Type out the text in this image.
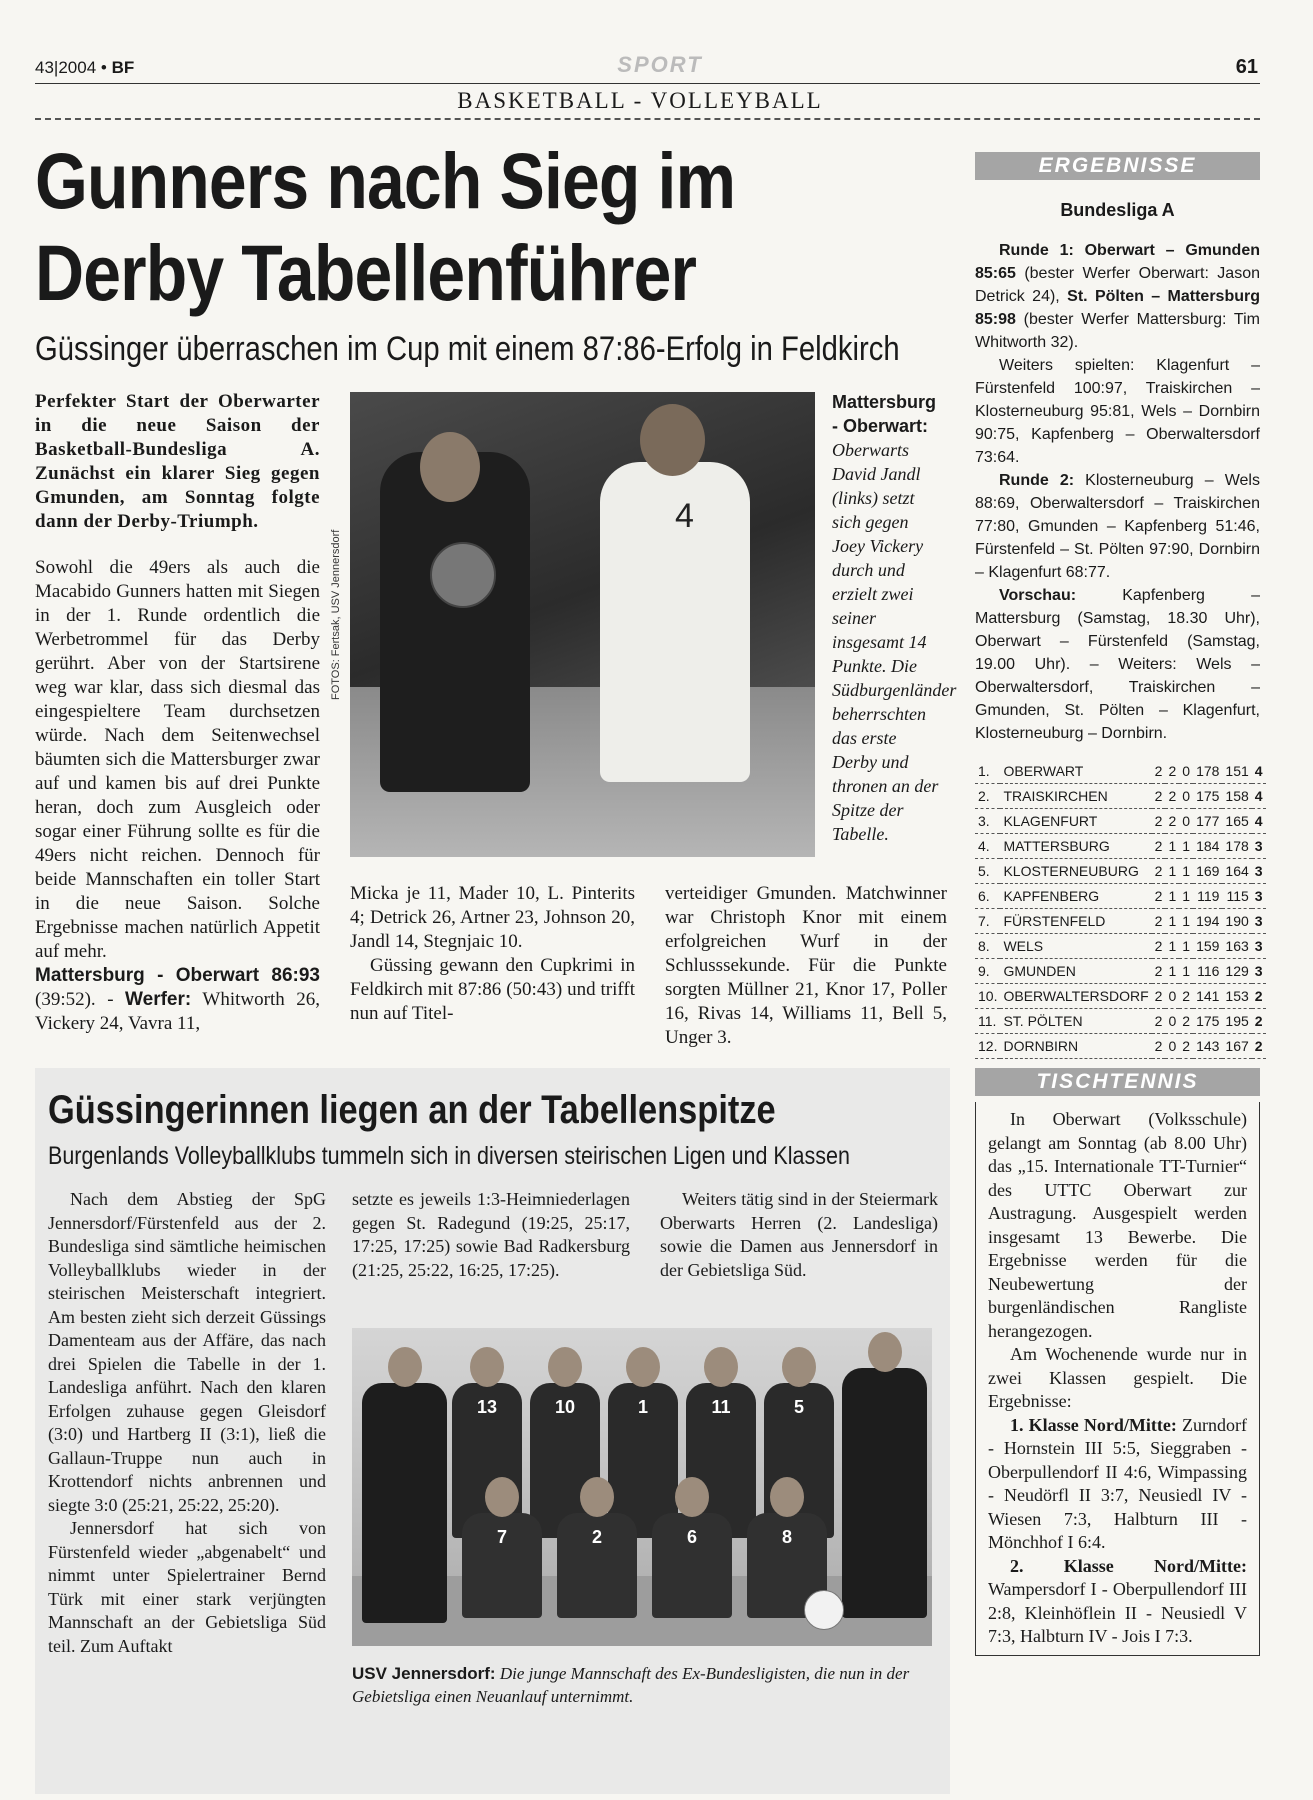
43|2004 • BF	SPORT	61
BASKETBALL - VOLLEYBALL
Gunners nach Sieg im
Derby Tabellenführer
Güssinger überraschen im Cup mit einem 87:86-Erfolg in Feldkirch
Perfekter Start der Oberwarter in die neue Saison der Basketball-Bundesliga A. Zunächst ein klarer Sieg gegen Gmunden, am Sonntag folgte dann der Derby-Triumph.
Sowohl die 49ers als auch die Macabido Gunners hatten mit Siegen in der 1. Runde ordentlich die Werbetrommel für das Derby gerührt. Aber von der Startsirene weg war klar, dass sich diesmal das eingespieltere Team durchsetzen würde. Nach dem Seitenwechsel bäumten sich die Mattersburger zwar auf und kamen bis auf drei Punkte heran, doch zum Ausgleich oder sogar einer Führung sollte es für die 49ers nicht reichen. Dennoch für beide Mannschaften ein toller Start in die neue Saison. Solche Ergebnisse machen natürlich Appetit auf mehr.
Mattersburg - Oberwart 86:93 (39:52). - Werfer: Whitworth 26, Vickery 24, Vavra 11,
4
FOTOS: Fertsak, USV Jennersdorf
Mattersburg - Oberwart: Oberwarts David Jandl (links) setzt sich gegen Joey Vickery durch und erzielt zwei seiner insgesamt 14 Punkte. Die Südburgenländer beherrschten das erste Derby und thronen an der Spitze der Tabelle.
Micka je 11, Mader 10, L. Pinterits 4; Detrick 26, Artner 23, Johnson 20, Jandl 14, Stegnjaic 10.
Güssing gewann den Cupkrimi in Feldkirch mit 87:86 (50:43) und trifft nun auf Titel-
verteidiger Gmunden. Matchwinner war Christoph Knor mit einem erfolgreichen Wurf in der Schlusssekunde. Für die Punkte sorgten Müllner 21, Knor 17, Poller 16, Rivas 14, Williams 11, Bell 5, Unger 3.
ERGEBNISSE
Bundesliga A
Runde 1: Oberwart – Gmunden 85:65 (bester Werfer Oberwart: Jason Detrick 24), St. Pölten – Mattersburg 85:98 (bester Werfer Mattersburg: Tim Whitworth 32).
Weiters spielten: Klagenfurt – Fürstenfeld 100:97, Traiskirchen – Klosterneuburg 95:81, Wels – Dornbirn 90:75, Kapfenberg – Oberwaltersdorf 73:64.
Runde 2: Klosterneuburg – Wels 88:69, Oberwaltersdorf – Traiskirchen 77:80, Gmunden – Kapfenberg 51:46, Fürstenfeld – St. Pölten 97:90, Dornbirn – Klagenfurt 68:77.
Vorschau:	Kapfenberg – Mattersburg (Samstag, 18.30 Uhr), Oberwart – Fürstenfeld (Samstag, 19.00 Uhr). – Weiters: Wels – Oberwaltersdorf, Traiskirchen – Gmunden, St. Pölten – Klagenfurt, Klosterneuburg – Dornbirn.
1.	OBERWART	2	2	0	178	151	4
2.	TRAISKIRCHEN	2	2	0	175	158	4
3.	KLAGENFURT	2	2	0	177	165	4
4.	MATTERSBURG	2	1	1	184	178	3
5.	KLOSTERNEUBURG	2	1	1	169	164	3
6.	KAPFENBERG	2	1	1	119	115	3
7.	FÜRSTENFELD	2	1	1	194	190	3
8.	WELS	2	1	1	159	163	3
9.	GMUNDEN	2	1	1	116	129	3
10.	OBERWALTERSDORF	2	0	2	141	153	2
11.	ST. PÖLTEN	2	0	2	175	195	2
12.	DORNBIRN	2	0	2	143	167	2
Güssingerinnen liegen an der Tabellenspitze
Burgenlands Volleyballklubs tummeln sich in diversen steirischen Ligen und Klassen
Nach dem Abstieg der SpG Jennersdorf/Fürstenfeld aus der 2. Bundesliga sind sämtliche heimischen Volleyballklubs wieder in der steirischen Meisterschaft integriert. Am besten zieht sich derzeit Güssings Damenteam aus der Affäre, das nach drei Spielen die Tabelle in der 1. Landesliga anführt. Nach den klaren Erfolgen zuhause gegen Gleisdorf (3:0) und Hartberg II (3:1), ließ die Gallaun-Truppe nun auch in Krottendorf nichts anbrennen und siegte 3:0 (25:21, 25:22, 25:20).
Jennersdorf hat sich von Fürstenfeld wieder „abgenabelt“ und nimmt unter Spielertrainer Bernd Türk mit einer stark verjüngten Mannschaft an der Gebietsliga Süd teil. Zum Auftakt
setzte es jeweils 1:3-Heimniederlagen gegen St. Radegund (19:25, 25:17, 17:25, 17:25) sowie Bad Radkersburg (21:25, 25:22, 16:25, 17:25).
Weiters tätig sind in der Steiermark Oberwarts Herren (2. Landesliga) sowie die Damen aus Jennersdorf in der Gebietsliga Süd.
13	10	1	11	5
7	2	6	8
USV Jennersdorf: Die junge Mannschaft des Ex-Bundesligisten, die nun in der Gebietsliga einen Neuanlauf unternimmt.
TISCHTENNIS
In Oberwart (Volksschule) gelangt am Sonntag (ab 8.00 Uhr) das „15. Internationale TT-Turnier“ des UTTC Oberwart zur Austragung. Ausgespielt werden insgesamt 13 Bewerbe. Die Ergebnisse werden für die Neubewertung der burgenländischen Rangliste herangezogen.
Am Wochenende wurde nur in zwei Klassen gespielt. Die Ergebnisse:
1. Klasse Nord/Mitte: Zurndorf - Hornstein III 5:5, Sieggraben - Oberpullendorf II 4:6, Wimpassing - Neudörfl II 3:7, Neusiedl IV - Wiesen 7:3, Halbturn III - Mönchhof I 6:4.
2. Klasse Nord/Mitte: Wampersdorf I - Oberpullendorf III 2:8, Kleinhöflein II - Neusiedl V 7:3, Halbturn IV - Jois I 7:3.
